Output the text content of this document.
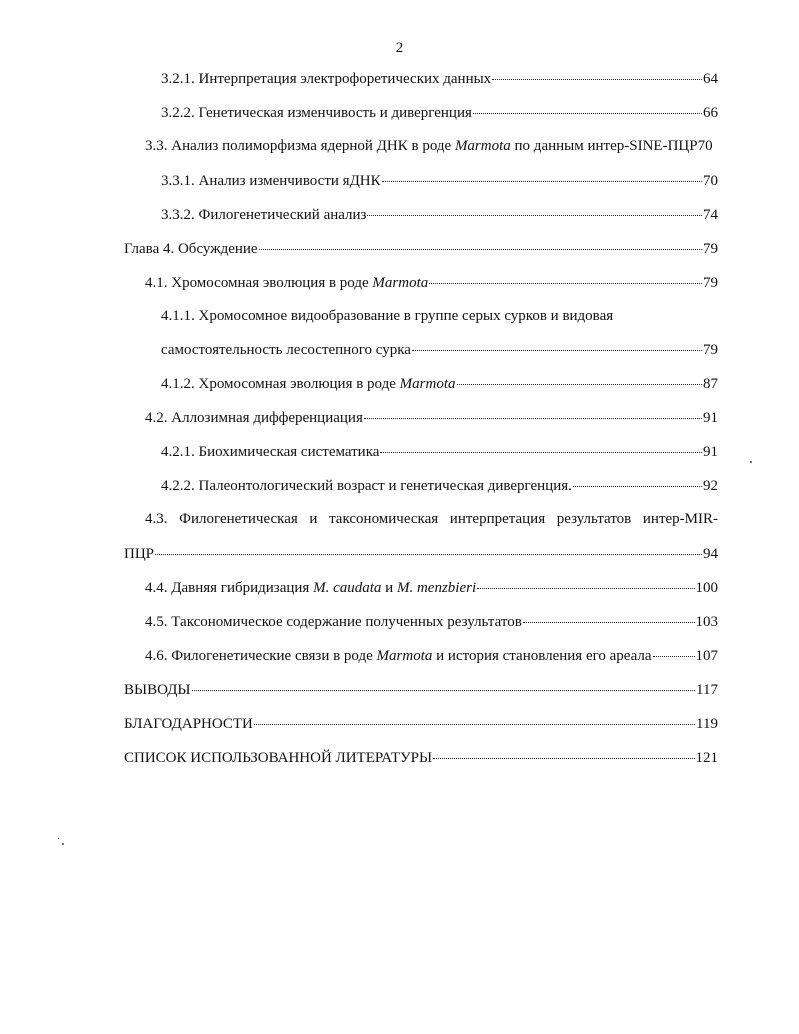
2
3.2.1. Интерпретация электрофоретических данных	64
3.2.2. Генетическая изменчивость и дивергенция	66
3.3. Анализ полиморфизма ядерной ДНК в роде Marmota по данным интер-SINE-ПЦР 70
3.3.1. Анализ изменчивости яДНК	70
3.3.2. Филогенетический анализ	74
Глава 4. Обсуждение	79
4.1. Хромосомная эволюция в роде Marmota	79
4.1.1. Хромосомное видообразование в группе серых сурков и видовая
самостоятельность лесостепного сурка	79
4.1.2. Хромосомная эволюция в роде Marmota	87
4.2. Аллозимная дифференциация	91
4.2.1. Биохимическая систематика	91
4.2.2. Палеонтологический возраст и генетическая дивергенция.	92
4.3. Филогенетическая и таксономическая интерпретация результатов интер-MIR-
ПЦР	94
4.4. Давняя гибридизация M. caudata и M. menzbieri	100
4.5. Таксономическое содержание полученных результатов	103
4.6. Филогенетические связи в роде Marmota и история становления его ареала	107
ВЫВОДЫ	117
БЛАГОДАРНОСТИ	119
СПИСОК ИСПОЛЬЗОВАННОЙ ЛИТЕРАТУРЫ	121
